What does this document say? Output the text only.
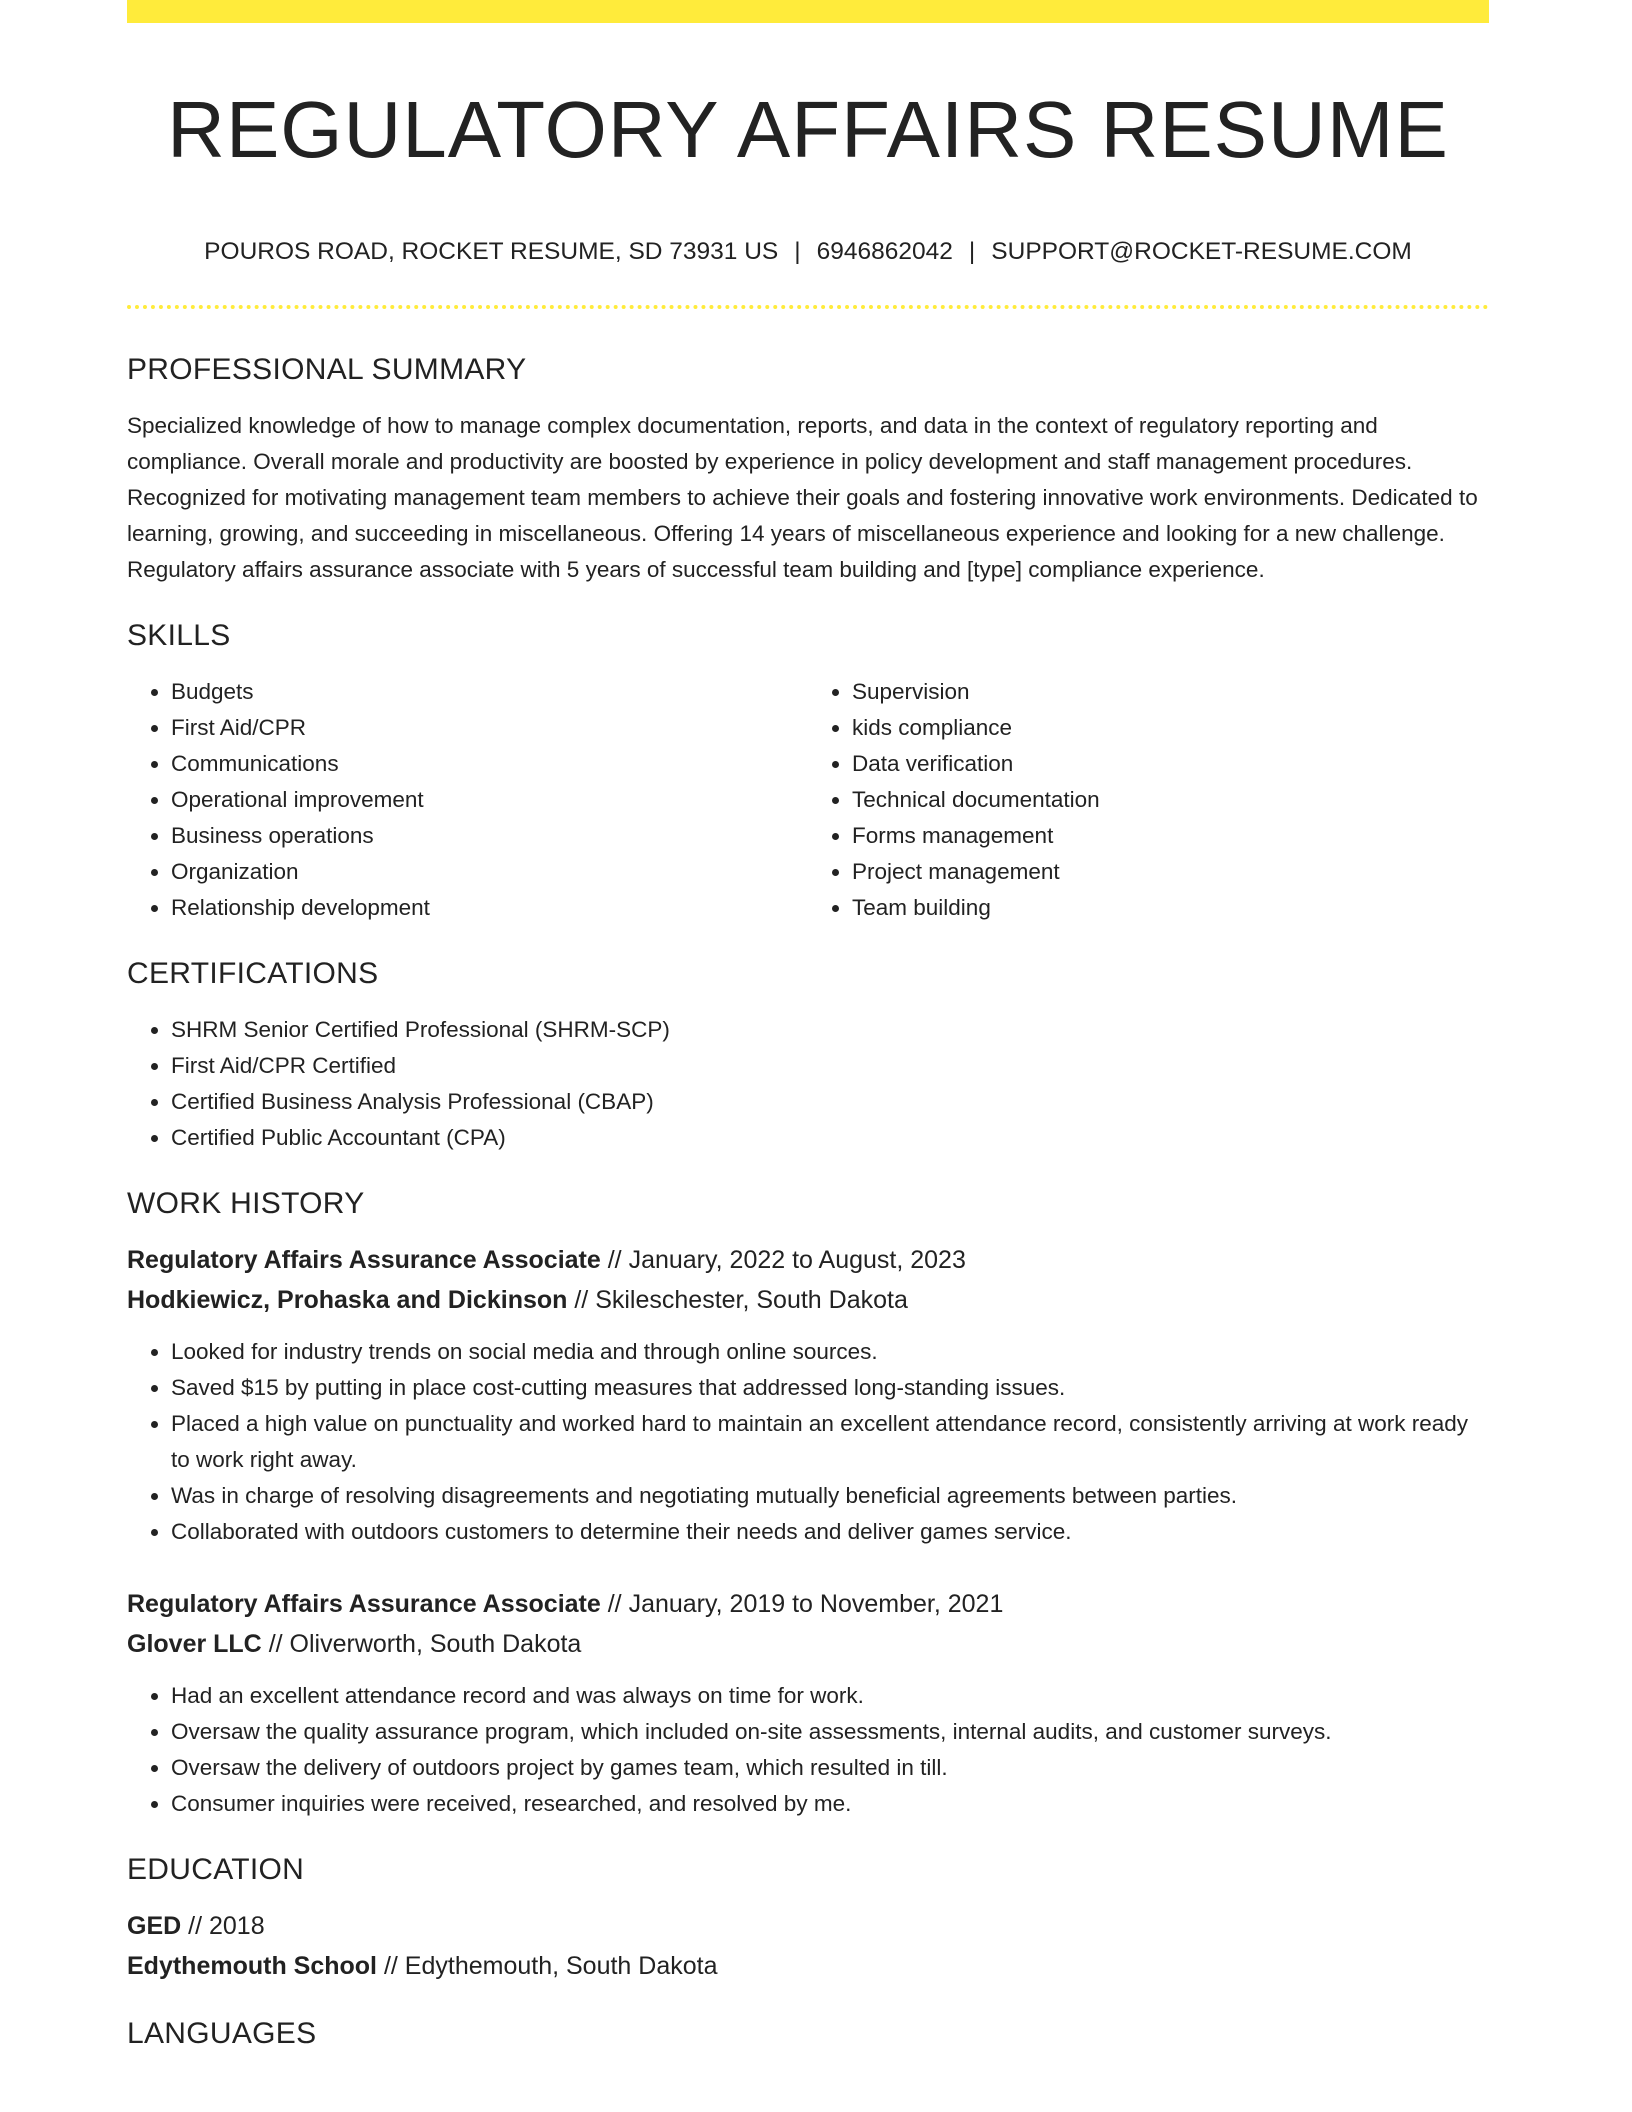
REGULATORY AFFAIRS RESUME
POUROS ROAD, ROCKET RESUME, SD 73931 US | 6946862042 | SUPPORT@ROCKET-RESUME.COM
PROFESSIONAL SUMMARY

Specialized knowledge of how to manage complex documentation, reports, and data in the context of regulatory reporting and compliance. Overall morale and productivity are boosted by experience in policy development and staff management procedures. Recognized for motivating management team members to achieve their goals and fostering innovative work environments. Dedicated to learning, growing, and succeeding in miscellaneous. Offering 14 years of miscellaneous experience and looking for a new challenge. Regulatory affairs assurance associate with 5 years of successful team building and [type] compliance experience.

SKILLS
• Budgets
• First Aid/CPR
• Communications
• Operational improvement
• Business operations
• Organization
• Relationship development
• Supervision
• kids compliance
• Data verification
• Technical documentation
• Forms management
• Project management
• Team building
CERTIFICATIONS
• SHRM Senior Certified Professional (SHRM-SCP)
• First Aid/CPR Certified
• Certified Business Analysis Professional (CBAP)
• Certified Public Accountant (CPA)
WORK HISTORY
Regulatory Affairs Assurance Associate // January, 2022 to August, 2023
Hodkiewicz, Prohaska and Dickinson // Skileschester, South Dakota
• Looked for industry trends on social media and through online sources.
• Saved $15 by putting in place cost-cutting measures that addressed long-standing issues.
• Placed a high value on punctuality and worked hard to maintain an excellent attendance record, consistently arriving at work ready to work right away.
• Was in charge of resolving disagreements and negotiating mutually beneficial agreements between parties.
• Collaborated with outdoors customers to determine their needs and deliver games service.
Regulatory Affairs Assurance Associate // January, 2019 to November, 2021
Glover LLC // Oliverworth, South Dakota
• Had an excellent attendance record and was always on time for work.
• Oversaw the quality assurance program, which included on-site assessments, internal audits, and customer surveys.
• Oversaw the delivery of outdoors project by games team, which resulted in till.
• Consumer inquiries were received, researched, and resolved by me.
EDUCATION
GED // 2018
Edythemouth School // Edythemouth, South Dakota
LANGUAGES
